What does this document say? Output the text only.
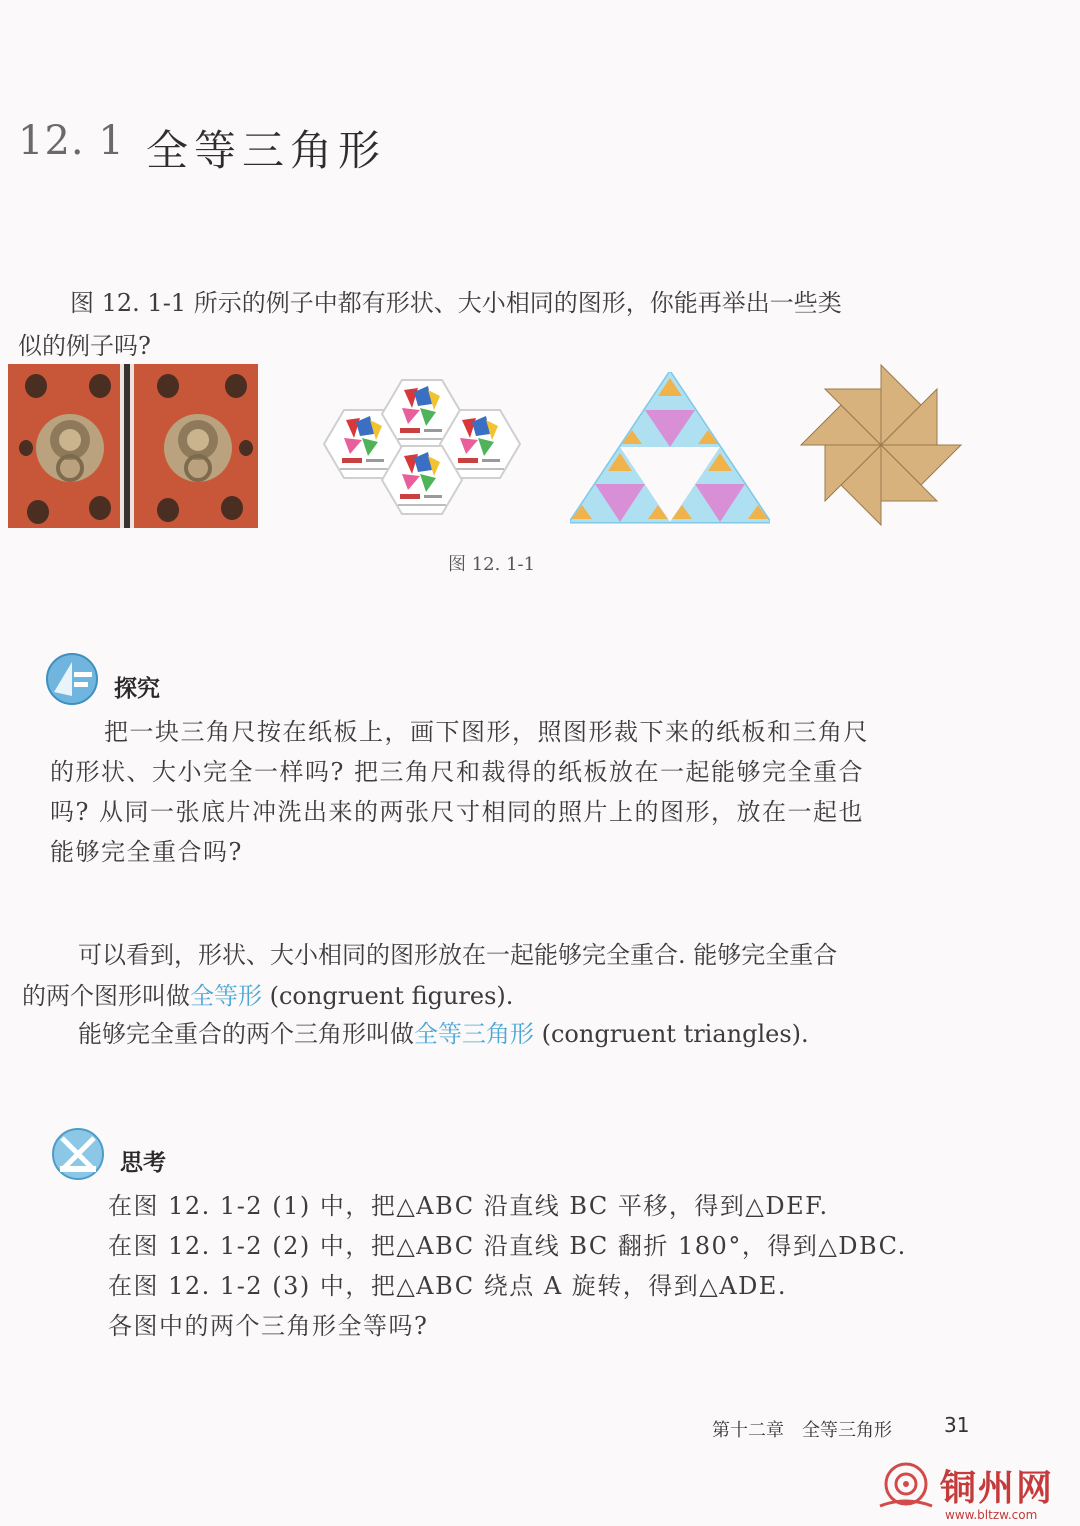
12. 1 全等三角形
图 12. 1-1 所示的例子中都有形状、大小相同的图形，你能再举出一些类
似的例子吗?
图 12. 1-1
探究
把一块三角尺按在纸板上，画下图形，照图形裁下来的纸板和三角尺
的形状、大小完全一样吗? 把三角尺和裁得的纸板放在一起能够完全重合
吗? 从同一张底片冲洗出来的两张尺寸相同的照片上的图形，放在一起也
能够完全重合吗?
可以看到，形状、大小相同的图形放在一起能够完全重合. 能够完全重合
的两个图形叫做全等形 (congruent figures).
能够完全重合的两个三角形叫做全等三角形 (congruent triangles).
思考
在图 12. 1-2 (1) 中，把△ABC 沿直线 BC 平移，得到△DEF.
在图 12. 1-2 (2) 中，把△ABC 沿直线 BC 翻折 180°，得到△DBC.
在图 12. 1-2 (3) 中，把△ABC 绕点 A 旋转，得到△ADE.
各图中的两个三角形全等吗?
第十二章　全等三角形	31
铜州网
www.bltzw.com
